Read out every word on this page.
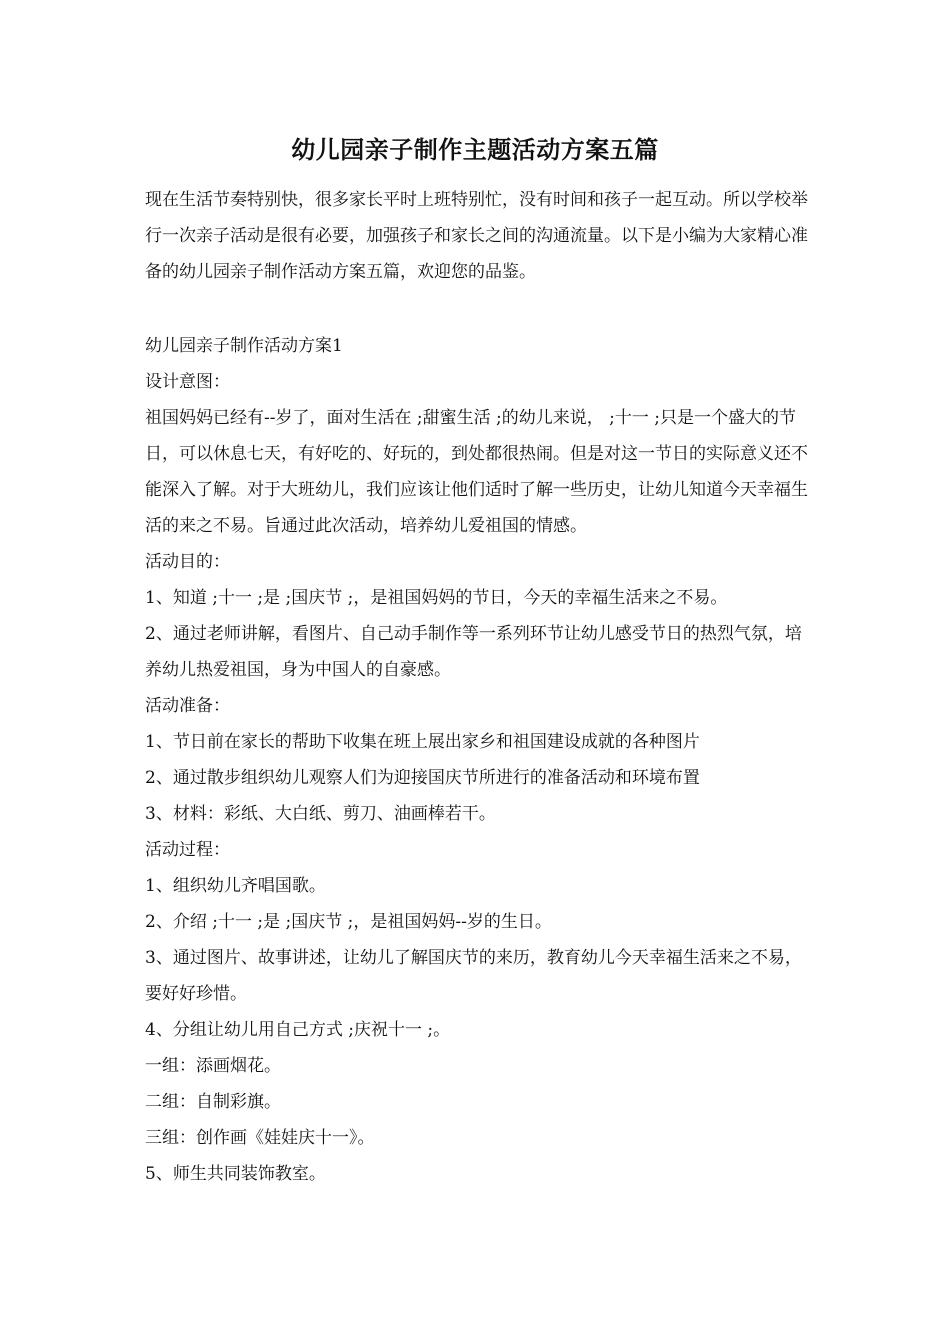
幼儿园亲子制作主题活动方案五篇

现在生活节奏特别快，很多家长平时上班特别忙，没有时间和孩子一起互动。所以学校举行一次亲子活动是很有必要，加强孩子和家长之间的沟通流量。以下是小编为大家精心准备的幼儿园亲子制作活动方案五篇，欢迎您的品鉴。

幼儿园亲子制作活动方案1

设计意图：

祖国妈妈已经有--岁了，面对生活在 ;甜蜜生活 ;的幼儿来说， ;十一 ;只是一个盛大的节日，可以休息七天，有好吃的、好玩的，到处都很热闹。但是对这一节日的实际意义还不能深入了解。对于大班幼儿，我们应该让他们适时了解一些历史，让幼儿知道今天幸福生活的来之不易。旨通过此次活动，培养幼儿爱祖国的情感。

活动目的：

1、知道 ;十一 ;是 ;国庆节 ;，是祖国妈妈的节日，今天的幸福生活来之不易。

2、通过老师讲解，看图片、自己动手制作等一系列环节让幼儿感受节日的热烈气氛，培养幼儿热爱祖国，身为中国人的自豪感。

活动准备：

1、节日前在家长的帮助下收集在班上展出家乡和祖国建设成就的各种图片

2、通过散步组织幼儿观察人们为迎接国庆节所进行的准备活动和环境布置

3、材料：彩纸、大白纸、剪刀、油画棒若干。

活动过程：

1、组织幼儿齐唱国歌。

2、介绍 ;十一 ;是 ;国庆节 ;，是祖国妈妈--岁的生日。

3、通过图片、故事讲述，让幼儿了解国庆节的来历，教育幼儿今天幸福生活来之不易，要好好珍惜。

4、分组让幼儿用自己方式 ;庆祝十一 ;。

一组：添画烟花。

二组：自制彩旗。

三组：创作画《娃娃庆十一》。

5、师生共同装饰教室。
